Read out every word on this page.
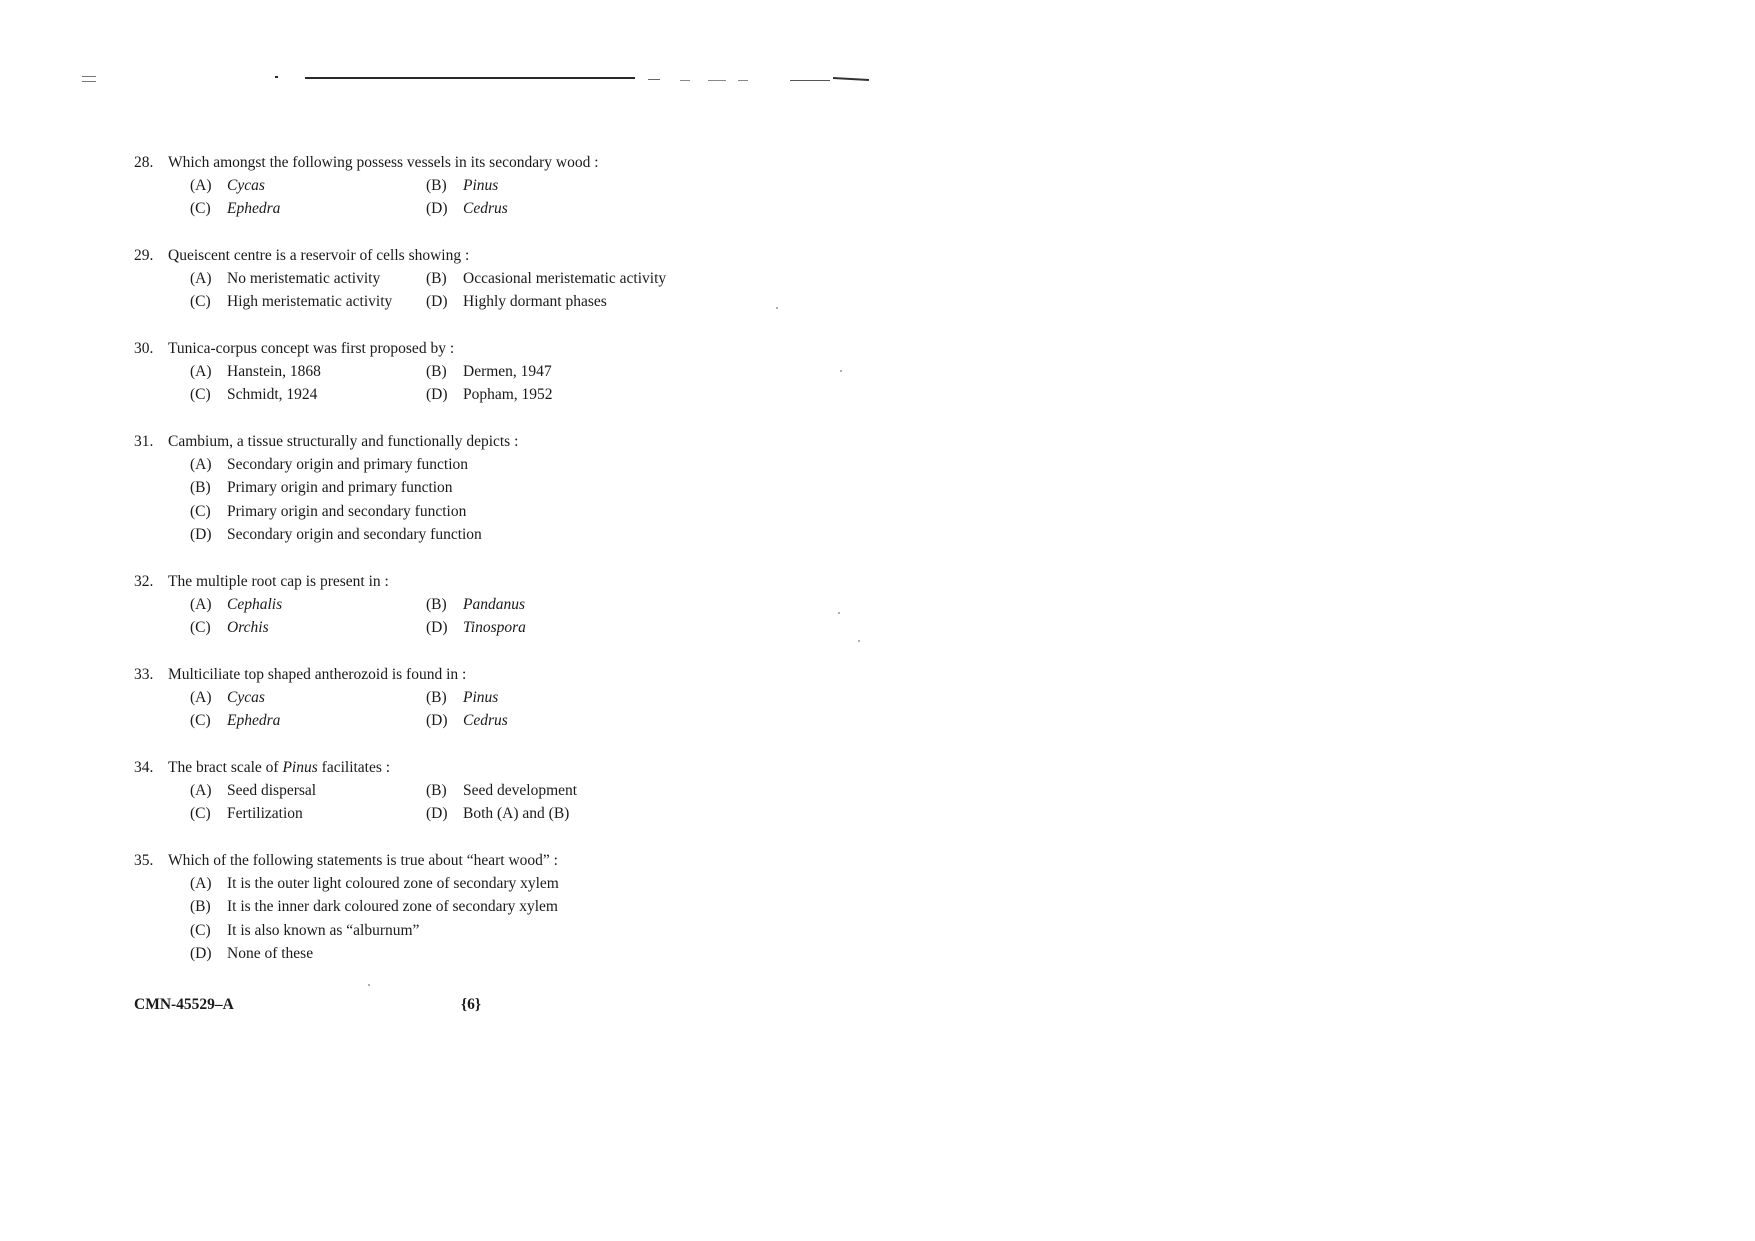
28. Which amongst the following possess vessels in its secondary wood :
(A) Cycas	(B)	Pinus
(C)	Ephedra	(D) Cedrus
29. Queiscent centre is a reservoir of cells showing :
(A) No meristematic activity	(B)	Occasional meristematic activity
(C)	High meristematic activity (D) Highly dormant phases
30. Tunica-corpus concept was first proposed by :
(A) Hanstein, 1868	(B)	Dermen, 1947
(C)	Schmidt, 1924	(D) Popham, 1952
31. Cambium, a tissue structurally and functionally depicts :
(A) Secondary origin and primary function
(B)	Primary origin and primary function
(C)	Primary origin and secondary function
(D) Secondary origin and secondary function
32. The multiple root cap is present in :
(A) Cephalis	(B)	Pandanus
(C)	Orchis	(D) Tinospora
33. Multiciliate top shaped antherozoid is found in :
(A) Cycas	(B)	Pinus
(C)	Ephedra	(D) Cedrus
34. The bract scale of Pinus facilitates :
(A) Seed dispersal	(B)	Seed development
(C)	Fertilization	(D) Both (A) and (B)
35. Which of the following statements is true about “heart wood” :
(A) It is the outer light coloured zone of secondary xylem
(B)	It is the inner dark coloured zone of secondary xylem
(C)	It is also known as “alburnum”
(D) None of these
CMN-45529–A	{6}
